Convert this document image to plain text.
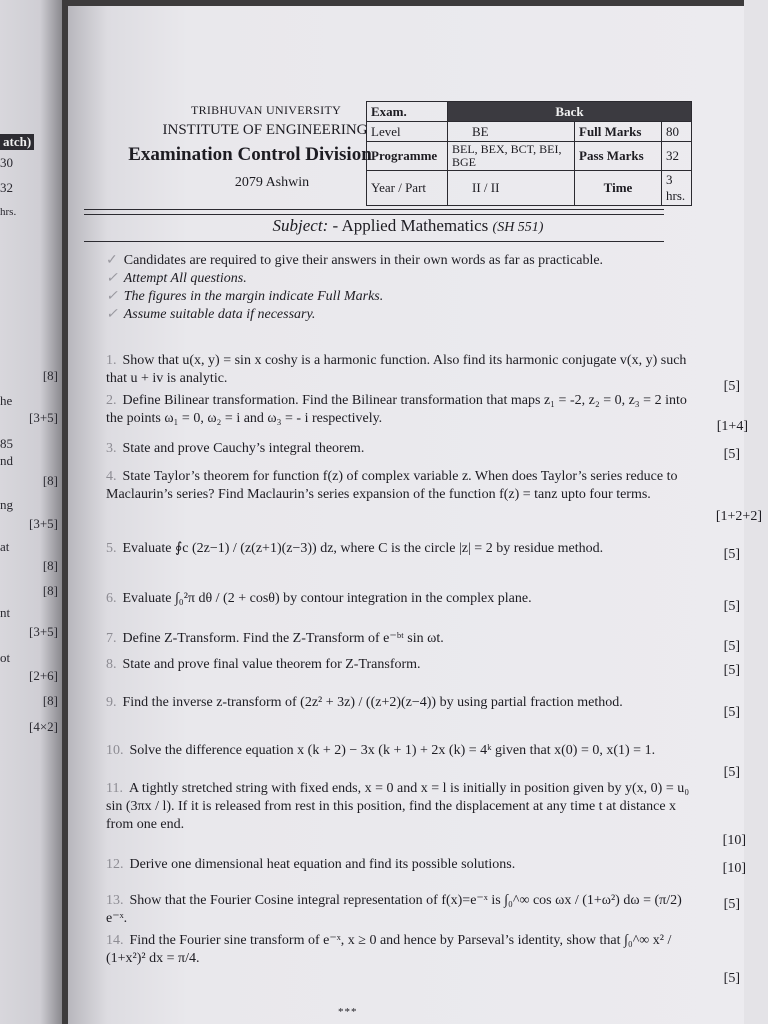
atch)
30
32
hrs.
he
85
nd
ng
at
nt
ot
[8]
[3+5]
[8]
[3+5]
[8]
[8]
[3+5]
[2+6]
[8]
[4×2]
TRIBHUVAN UNIVERSITY
INSTITUTE OF ENGINEERING
Examination Control Division
2079 Ashwin
Exam.	Back		
Level	BE	Full Marks	80
Programme	BEL, BEX, BCT, BEI, BGE	Pass Marks	32
Year / Part	II / II	Time	3 hrs.
Subject: - Applied Mathematics (SH 551)
✓ Candidates are required to give their answers in their own words as far as practicable.
✓ Attempt All questions.
✓ The figures in the margin indicate Full Marks.
✓ Assume suitable data if necessary.
1. Show that u(x, y) = sin x coshy is a harmonic function. Also find its harmonic conjugate v(x, y) such that u + iv is analytic.
[5]
2. Define Bilinear transformation. Find the Bilinear transformation that maps z₁ = -2, z₂ = 0, z₃ = 2 into the points ω₁ = 0, ω₂ = i and ω₃ = - i respectively.
[1+4]
3. State and prove Cauchy’s integral theorem.	[5]
4. State Taylor’s theorem for function f(z) of complex variable z. When does Taylor’s series reduce to Maclaurin’s series? Find Maclaurin’s series expansion of the function f(z) = tanz upto four terms.
[1+2+2]
5. Evaluate ∮c (2z−1) / (z(z+1)(z−3)) dz, where C is the circle |z| = 2 by residue method.	[5]
6. Evaluate ∫₀²π dθ / (2 + cosθ) by contour integration in the complex plane.
[5]
7. Define Z-Transform. Find the Z-Transform of e⁻ᵇᵗ sin ωt.
[5]
8. State and prove final value theorem for Z-Transform.	[5]
9. Find the inverse z-transform of (2z² + 3z) / ((z+2)(z−4)) by using partial fraction method.
[5]
10. Solve the difference equation x (k + 2) − 3x (k + 1) + 2x (k) = 4ᵏ given that x(0) = 0, x(1) = 1.
[5]
11. A tightly stretched string with fixed ends, x = 0 and x = l is initially in position given by y(x, 0) = u₀ sin (3πx / l). If it is released from rest in this position, find the displacement at any time t at distance x from one end.
[10]
12. Derive one dimensional heat equation and find its possible solutions.	[10]
13. Show that the Fourier Cosine integral representation of f(x)=e⁻ˣ is ∫₀^∞ cos ωx / (1+ω²) dω = (π/2) e⁻ˣ.
[5]
14. Find the Fourier sine transform of e⁻ˣ, x ≥ 0 and hence by Parseval’s identity, show that ∫₀^∞ x² / (1+x²)² dx = π/4.
[5]
***
